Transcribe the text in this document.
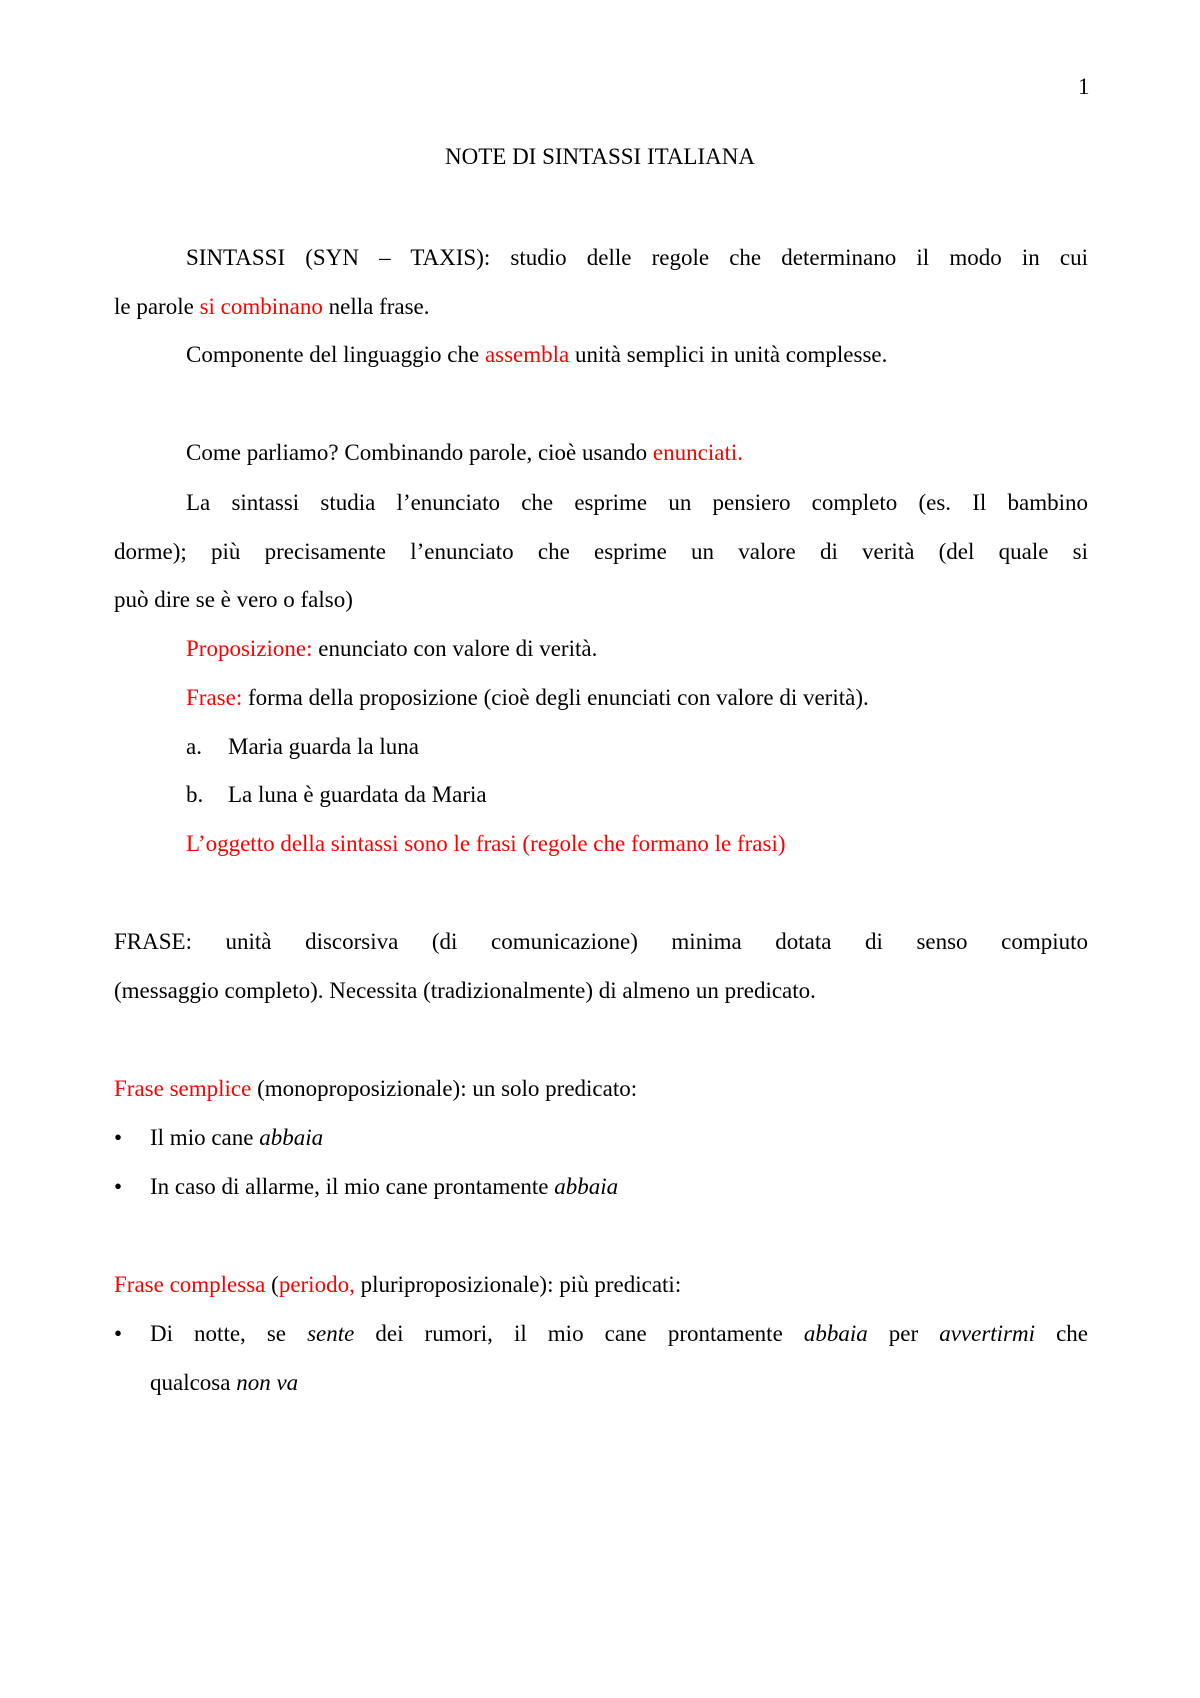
1
NOTE DI SINTASSI ITALIANA
SINTASSI (SYN – TAXIS): studio delle regole che determinano il modo in cui
le parole si combinano nella frase.
Componente del linguaggio che assembla unità semplici in unità complesse.
Come parliamo? Combinando parole, cioè usando enunciati.
La sintassi studia l’enunciato che esprime un pensiero completo (es. Il bambino
dorme); più precisamente l’enunciato che esprime un valore di verità (del quale si
può dire se è vero o falso)
Proposizione: enunciato con valore di verità.
Frase: forma della proposizione (cioè degli enunciati con valore di verità).
a. Maria guarda la luna
b. La luna è guardata da Maria
L’oggetto della sintassi sono le frasi (regole che formano le frasi)
FRASE: unità discorsiva (di comunicazione) minima dotata di senso compiuto
(messaggio completo). Necessita (tradizionalmente) di almeno un predicato.
Frase semplice (monoproposizionale): un solo predicato:
• Il mio cane abbaia
• In caso di allarme, il mio cane prontamente abbaia
Frase complessa (periodo, pluriproposizionale): più predicati:
• Di notte, se sente dei rumori, il mio cane prontamente abbaia per avvertirmi che
qualcosa non va
